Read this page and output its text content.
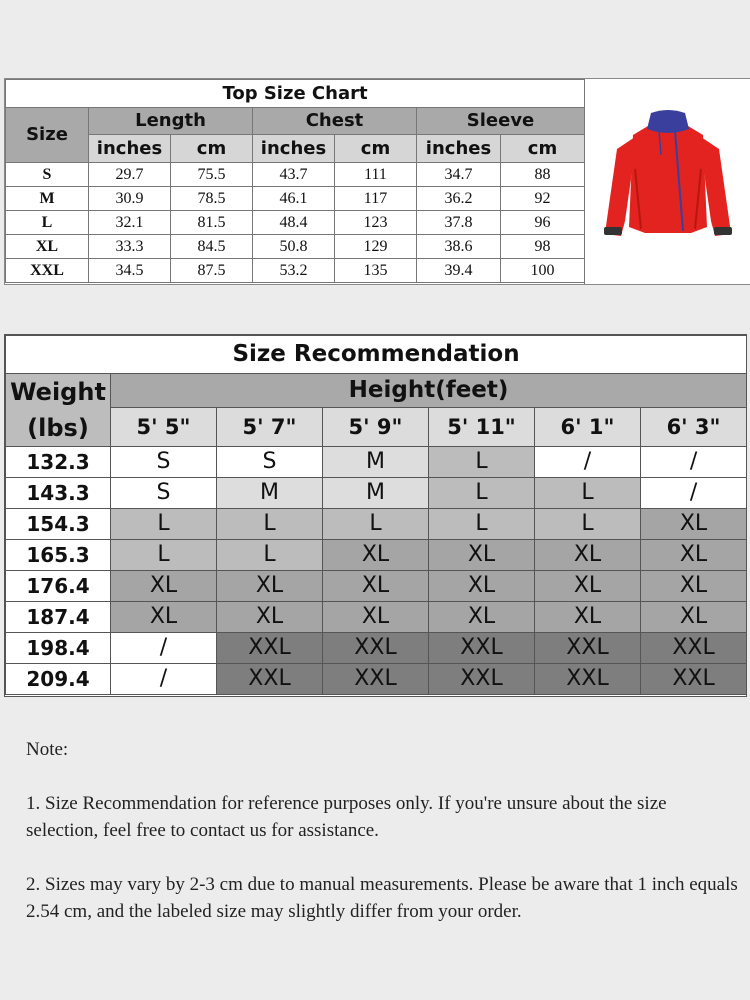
Top Size Chart						
Size	Length		Chest		Sleeve	
	inches	cm	inches	cm	inches	cm
S	29.7	75.5	43.7	111	34.7	88
M	30.9	78.5	46.1	117	36.2	92
L	32.1	81.5	48.4	123	37.8	96
XL	33.3	84.5	50.8	129	38.6	98
XXL	34.5	87.5	53.2	135	39.4	100
Size Recommendation						
Weight
(lbs)	Height(feet)					
	5' 5"	5' 7"	5' 9"	5' 11"	6' 1"	6' 3"
132.3	S	S	M	L	/	/
143.3	S	M	M	L	L	/
154.3	L	L	L	L	L	XL
165.3	L	L	XL	XL	XL	XL
176.4	XL	XL	XL	XL	XL	XL
187.4	XL	XL	XL	XL	XL	XL
198.4	/	XXL	XXL	XXL	XXL	XXL
209.4	/	XXL	XXL	XXL	XXL	XXL

Note:

1. Size Recommendation for reference purposes only. If you're unsure about the size selection, feel free to contact us for assistance.

2. Sizes may vary by 2-3 cm due to manual measurements. Please be aware that 1 inch equals 2.54 cm, and the labeled size may slightly differ from your order.
